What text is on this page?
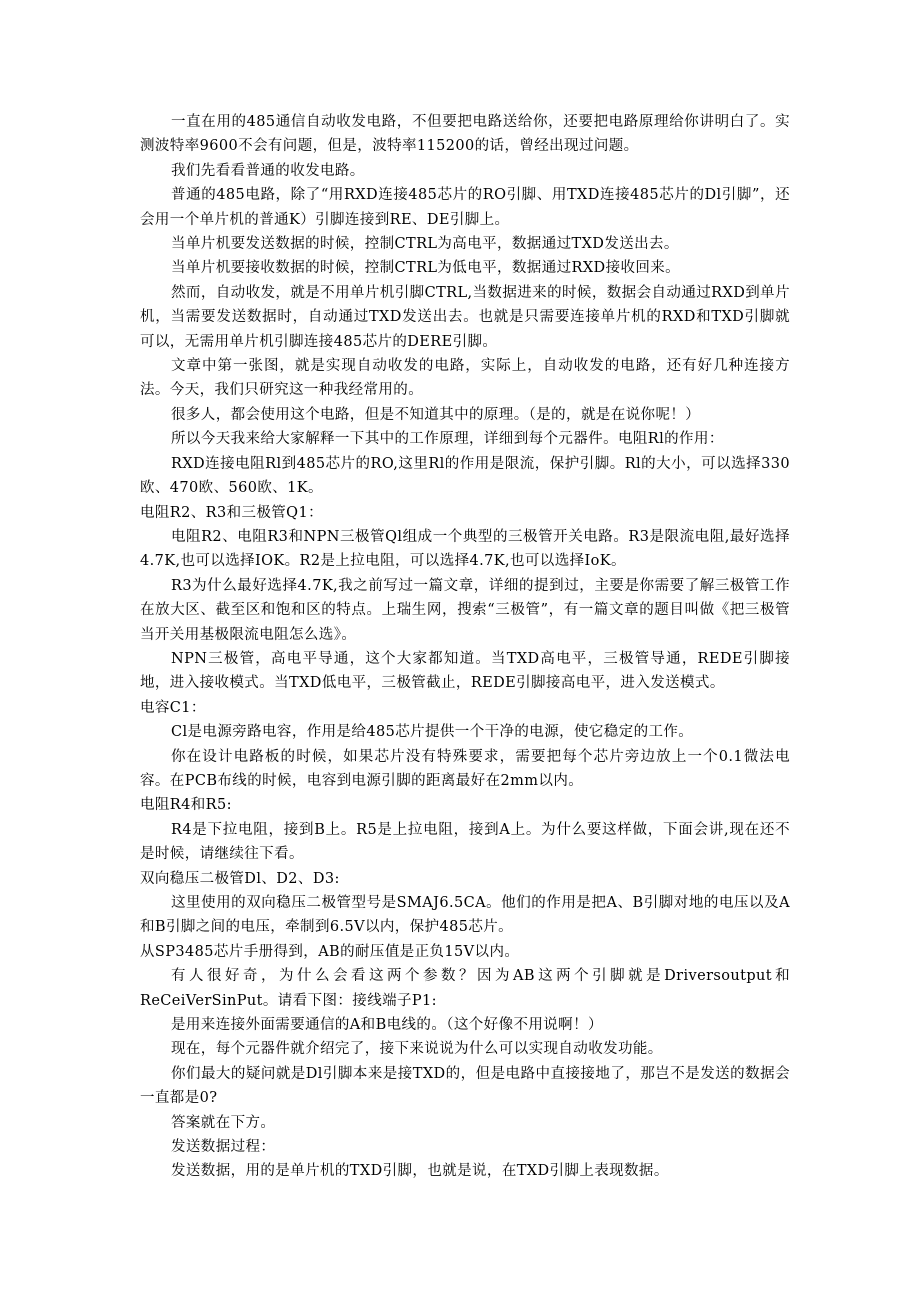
一直在用的485通信自动收发电路，不但要把电路送给你，还要把电路原理给你讲明白了。实测波特率9600不会有问题，但是，波特率115200的话，曾经出现过问题。

我们先看看普通的收发电路。

普通的485电路，除了“用RXD连接485芯片的RO引脚、用TXD连接485芯片的Dl引脚”，还会用一个单片机的普通K）引脚连接到RE、DE引脚上。

当单片机要发送数据的时候，控制CTRL为高电平，数据通过TXD发送出去。

当单片机要接收数据的时候，控制CTRL为低电平，数据通过RXD接收回来。

然而，自动收发，就是不用单片机引脚CTRL,当数据进来的时候，数据会自动通过RXD到单片机，当需要发送数据时，自动通过TXD发送出去。也就是只需要连接单片机的RXD和TXD引脚就可以，无需用单片机引脚连接485芯片的DERE引脚。

文章中第一张图，就是实现自动收发的电路，实际上，自动收发的电路，还有好几种连接方法。今天，我们只研究这一种我经常用的。

很多人，都会使用这个电路，但是不知道其中的原理。（是的，就是在说你呢！）

所以今天我来给大家解释一下其中的工作原理，详细到每个元器件。电阻Rl的作用：

RXD连接电阻Rl到485芯片的RO,这里Rl的作用是限流，保护引脚。Rl的大小，可以选择330欧、470欧、560欧、1K。

电阻R2、R3和三极管Q1：

电阻R2、电阻R3和NPN三极管Ql组成一个典型的三极管开关电路。R3是限流电阻,最好选择4.7K,也可以选择IOK。R2是上拉电阻，可以选择4.7K,也可以选择IoK。

R3为什么最好选择4.7K,我之前写过一篇文章，详细的提到过，主要是你需要了解三极管工作在放大区、截至区和饱和区的特点。上瑞生网，搜索“三极管”，有一篇文章的题目叫做《把三极管当开关用基极限流电阻怎么选》。

NPN三极管，高电平导通，这个大家都知道。当TXD高电平，三极管导通，REDE引脚接地，进入接收模式。当TXD低电平，三极管截止，REDE引脚接高电平，进入发送模式。

电容C1：

Cl是电源旁路电容，作用是给485芯片提供一个干净的电源，使它稳定的工作。

你在设计电路板的时候，如果芯片没有特殊要求，需要把每个芯片旁边放上一个0.1微法电容。在PCB布线的时候，电容到电源引脚的距离最好在2mm以内。

电阻R4和R5:

R4是下拉电阻，接到B上。R5是上拉电阻，接到A上。为什么要这样做，下面会讲,现在还不是时候，请继续往下看。

双向稳压二极管Dl、D2、D3:

这里使用的双向稳压二极管型号是SMAJ6.5CA。他们的作用是把A、B引脚对地的电压以及A和B引脚之间的电压，牵制到6.5V以内，保护485芯片。

从SP3485芯片手册得到，AB的耐压值是正负15V以内。

有人很好奇，为什么会看这两个参数？因为AB这两个引脚就是Driversoutput和ReCeiVerSinPut。请看下图：接线端子P1:

是用来连接外面需要通信的A和B电线的。（这个好像不用说啊！）

现在，每个元器件就介绍完了，接下来说说为什么可以实现自动收发功能。

你们最大的疑问就是Dl引脚本来是接TXD的，但是电路中直接接地了，那岂不是发送的数据会一直都是0?

答案就在下方。

发送数据过程：

发送数据，用的是单片机的TXD引脚，也就是说，在TXD引脚上表现数据。
